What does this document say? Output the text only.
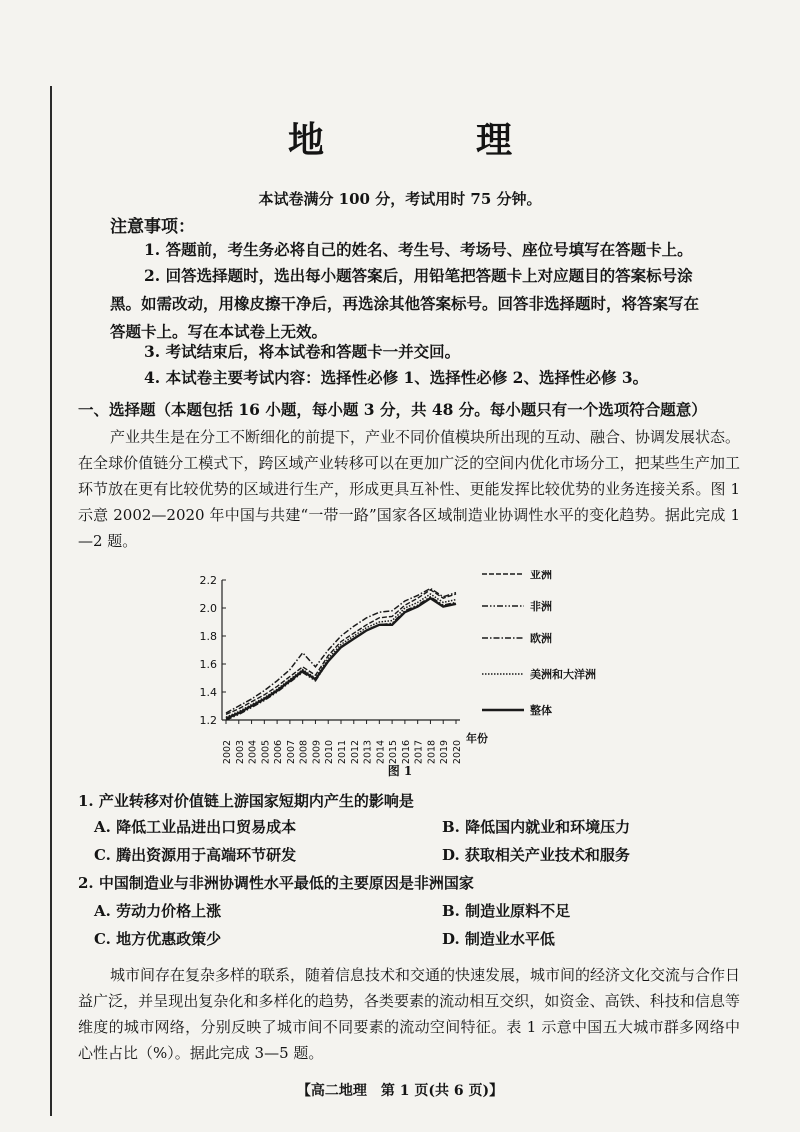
地　理
本试卷满分 100 分，考试用时 75 分钟。
注意事项：
1. 答题前，考生务必将自己的姓名、考生号、考场号、座位号填写在答题卡上。
2. 回答选择题时，选出每小题答案后，用铅笔把答题卡上对应题目的答案标号涂黑。如需改动，用橡皮擦干净后，再选涂其他答案标号。回答非选择题时，将答案写在答题卡上。写在本试卷上无效。
3. 考试结束后，将本试卷和答题卡一并交回。
4. 本试卷主要考试内容：选择性必修 1、选择性必修 2、选择性必修 3。
一、选择题（本题包括 16 小题，每小题 3 分，共 48 分。每小题只有一个选项符合题意）
产业共生是在分工不断细化的前提下，产业不同价值模块所出现的互动、融合、协调发展状态。在全球价值链分工模式下，跨区域产业转移可以在更加广泛的空间内优化市场分工，把某些生产加工环节放在更有比较优势的区域进行生产，形成更具互补性、更能发挥比较优势的业务连接关系。图 1 示意 2002—2020 年中国与共建“一带一路”国家各区域制造业协调性水平的变化趋势。据此完成 1—2 题。
1.2
1.4
1.6
1.8
2.0
2.2
2002 2003 2004 2005 2006 2007 2008 2009 2010 2011 2012 2013 2014 2015 2016 2017 2018 2019 2020
年份
亚洲
非洲
欧洲
美洲和大洋洲
整体
图 1
1. 产业转移对价值链上游国家短期内产生的影响是
A. 降低工业品进出口贸易成本	B. 降低国内就业和环境压力
C. 腾出资源用于高端环节研发	D. 获取相关产业技术和服务
2. 中国制造业与非洲协调性水平最低的主要原因是非洲国家
A. 劳动力价格上涨	B. 制造业原料不足
C. 地方优惠政策少	D. 制造业水平低
城市间存在复杂多样的联系，随着信息技术和交通的快速发展，城市间的经济文化交流与合作日益广泛，并呈现出复杂化和多样化的趋势，各类要素的流动相互交织，如资金、高铁、科技和信息等维度的城市网络，分别反映了城市间不同要素的流动空间特征。表 1 示意中国五大城市群多网络中心性占比（%）。据此完成 3—5 题。
【高二地理　第 1 页(共 6 页)】
